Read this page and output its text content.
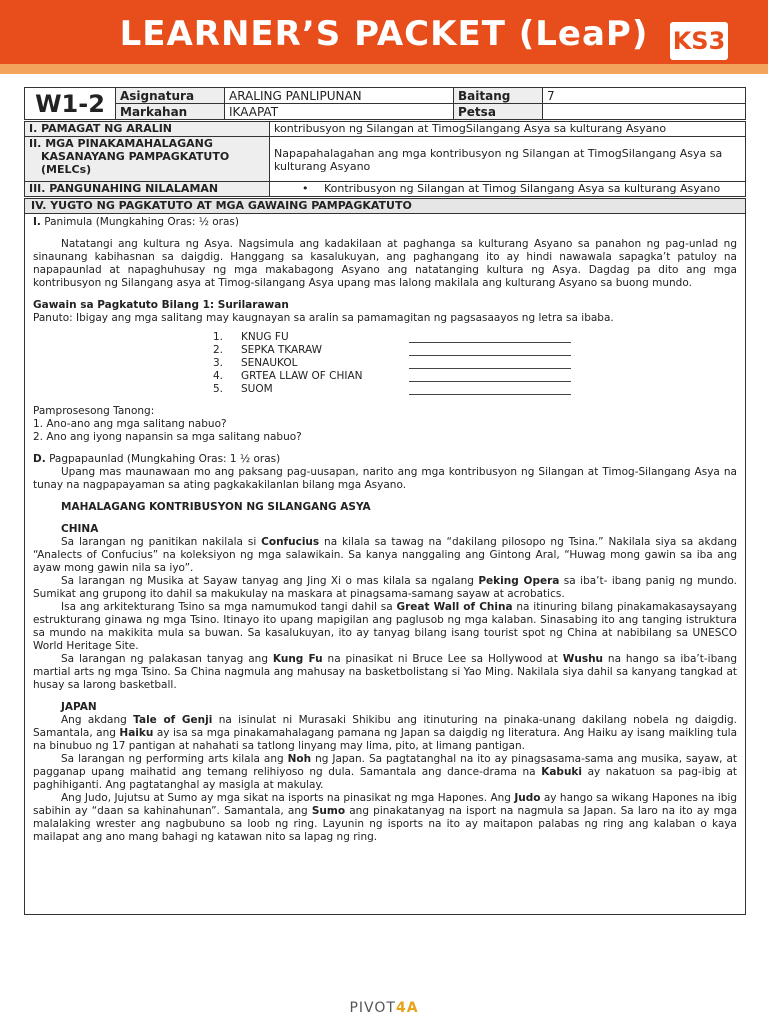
LEARNER’S PACKET (LeaP)	KS3
W1-2	Asignatura	ARALING PANLIPUNAN	Baitang	7
	Markahan	IKAAPAT	Petsa	
I. PAMAGAT NG ARALIN	kontribusyon ng Silangan at TimogSilangang Asya sa kulturang Asyano

II. MGA PINAKAMAHALAGANG
KASANAYANG PAMPAGKATUTO
(MELCs)	Napapahalagahan ang mga kontribusyon ng Silangan at TimogSilangang Asya sa kulturang Asyano
III. PANGUNAHING NILALAMAN	• Kontribusyon ng Silangan at Timog Silangang Asya sa kulturang Asyano
IV. YUGTO NG PAGKATUTO AT MGA GAWAING PAMPAGKATUTO

I. Panimula (Mungkahing Oras: ½ oras)

Natatangi ang kultura ng Asya. Nagsimula ang kadakilaan at paghanga sa kulturang Asyano sa panahon ng pag-unlad ng sinaunang kabihasnan sa daigdig. Hanggang sa kasalukuyan, ang paghangang ito ay hindi nawawala sapagka’t patuloy na napapaunlad at napaghuhusay ng mga makabagong Asyano ang natatanging kultura ng Asya. Dagdag pa dito ang mga kontribusyon ng Silangang asya at Timog-silangang Asya upang mas lalong makilala ang kulturang Asyano sa buong mundo.

Gawain sa Pagkatuto Bilang 1: Surilarawan

Panuto: Ibigay ang mga salitang may kaugnayan sa aralin sa pamamagitan ng pagsasaayos ng letra sa ibaba.

1.	KNUG FU
2.	SEPKA TKARAW
3.	SENAUKOL
4.	GRTEA LLAW OF CHIAN
5.	SUOM

Pamprosesong Tanong:

1. Ano-ano ang mga salitang nabuo?

2. Ano ang iyong napansin sa mga salitang nabuo?

D. Pagpapaunlad (Mungkahing Oras: 1 ½ oras)

Upang mas maunawaan mo ang paksang pag-uusapan, narito ang mga kontribusyon ng Silangan at Timog-Silangang Asya na tunay na nagpapayaman sa ating pagkakakilanlan bilang mga Asyano.

MAHALAGANG KONTRIBUSYON NG SILANGANG ASYA

CHINA

Sa larangan ng panitikan nakilala si Confucius na kilala sa tawag na “dakilang pilosopo ng Tsina.” Nakilala siya sa akdang “Analects of Confucius” na koleksiyon ng mga salawikain. Sa kanya nanggaling ang Gintong Aral, “Huwag mong gawin sa iba ang ayaw mong gawin nila sa iyo”.

Sa larangan ng Musika at Sayaw tanyag ang Jing Xi o mas kilala sa ngalang Peking Opera sa iba’t- ibang panig ng mundo. Sumikat ang grupong ito dahil sa makukulay na maskara at pinagsama-samang sayaw at acrobatics.

Isa ang arkitekturang Tsino sa mga namumukod tangi dahil sa Great Wall of China na itinuring bilang pinakamakasaysayang estrukturang ginawa ng mga Tsino. Itinayo ito upang mapigilan ang paglusob ng mga kalaban. Sinasabing ito ang tanging istruktura sa mundo na makikita mula sa buwan. Sa kasalukuyan, ito ay tanyag bilang isang tourist spot ng China at nabibilang sa UNESCO World Heritage Site.

Sa larangan ng palakasan tanyag ang Kung Fu na pinasikat ni Bruce Lee sa Hollywood at Wushu na hango sa iba’t-ibang martial arts ng mga Tsino. Sa China nagmula ang mahusay na basketbolistang si Yao Ming. Nakilala siya dahil sa kanyang tangkad at husay sa larong basketball.

JAPAN

Ang akdang Tale of Genji na isinulat ni Murasaki Shikibu ang itinuturing na pinaka-unang dakilang nobela ng daigdig. Samantala, ang Haiku ay isa sa mga pinakamahalagang pamana ng Japan sa daigdig ng literatura. Ang Haiku ay isang maikling tula na binubuo ng 17 pantigan at nahahati sa tatlong linyang may lima, pito, at limang pantigan.

Sa larangan ng performing arts kilala ang Noh ng Japan. Sa pagtatanghal na ito ay pinagsasama-sama ang musika, sayaw, at pagganap upang maihatid ang temang relihiyoso ng dula. Samantala ang dance-drama na Kabuki ay nakatuon sa pag-ibig at paghihiganti. Ang pagtatanghal ay masigla at makulay.

Ang Judo, Jujutsu at Sumo ay mga sikat na isports na pinasikat ng mga Hapones. Ang Judo ay hango sa wikang Hapones na ibig sabihin ay “daan sa kahinahunan”. Samantala, ang Sumo ang pinakatanyag na isport na nagmula sa Japan. Sa laro na ito ay mga malalaking wrester ang nagbubuno sa loob ng ring. Layunin ng isports na ito ay maitapon palabas ng ring ang kalaban o kaya mailapat ang ano mang bahagi ng katawan nito sa lapag ng ring.

PIVOT4A
